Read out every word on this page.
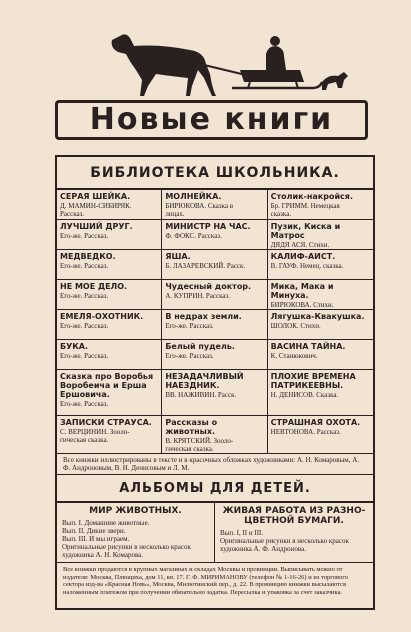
Новые книги
БИБЛИОТЕКА ШКОЛЬНИКА.
СЕРАЯ ШЕЙКА.
Д. МАМИН-СИБИРЯК.
Рассказ.
МОЛНЕЙКА.
БИРЮКОВА. Сказка в
лицах.
Столик-накройся.
Бр. ГРИММ. Немецкая
сказка.
ЛУЧШИЙ ДРУГ.
Его-же. Рассказ.
МИНИСТР НА ЧАС.
Ф. ФОКС. Рассказ.
Пузик, Киска и Матрос
ДЯДЯ АСЯ. Стихи.
МЕДВЕДКО.
Его-же. Рассказ.
ЯША.
Б. ЛАЗАРЕВСКИЙ. Расск.
КАЛИФ-АИСТ.
В. ГАУФ. Немец. сказка.
НЕ МОЕ ДЕЛО.
Его-же. Рассказ.
Чудесный доктор.
А. КУПРИН. Рассказ.
Мика, Мака и Минуха.
БИРЮКОВА. Стихи.
ЕМЕЛЯ-ОХОТНИК.
Его-же. Рассказ.
В недрах земли.
Его-же. Рассказ.
Лягушка-Квакушка.
ШОЛОК. Стихи.
БУКА.
Его-же. Рассказ.
Белый пудель.
Его-же. Рассказ.
ВАСИНА ТАЙНА.
К. Станюкович.
Сказка про Воробья
Воробеича и Ерша
Ершовича.
Его-же. Рассказ.
НЕЗАДАЧЛИВЫЙ
НАЕЗДНИК.
ВВ. НАЖИВИН. Расск.
ПЛОХИЕ ВРЕМЕНА
ПАТРИКЕЕВНЫ.
Н. ДЕНИСОВ. Сказка.
ЗАПИСКИ СТРАУСА.
С. ВЕРЦИНИН. Зооло-
гическая сказка.
Рассказы о животных.
В. КРЯТСКИЙ. Зооло-
гическая сказка.
СТРАШНАЯ ОХОТА.
НЕВТОНОВА. Рассказ.
Все книжки иллюстрированы в тексте и в красочных обложках художниками: А. Н. Комаровым, А. Ф. Андроновым, В. Н. Денисовым и Л. М.
АЛЬБОМЫ ДЛЯ ДЕТЕЙ.
МИР ЖИВОТНЫХ.
Вып. I. Домашние животные.
Вып. II. Дикие звери.
Вып. III. И мы играем.
Оригинальные рисунки в несколько красок художника А. Н. Комарова.
ЖИВАЯ РАБОТА ИЗ РАЗНО-
ЦВЕТНОЙ БУМАГИ.
Вып. I, II и III.
Оригинальные рисунки в несколько красок художника А. Ф. Андронова.
Все книжки продаются в крупных магазинах и складах Москвы и провинции. Выписывать можно от издателя: Москва, Плющиха, дом 11, кв. 17. Г. Ф. МИРИМАНОВУ (телефон № 1-16-26) и из торгового сектора изд-ва «Красная Новь», Москва, Милютинский пер., д. 22. В провинцию книжки высылаются наложенным платежом при получении обязательно задатка. Пересылка и упаковка за счет заказчика.
